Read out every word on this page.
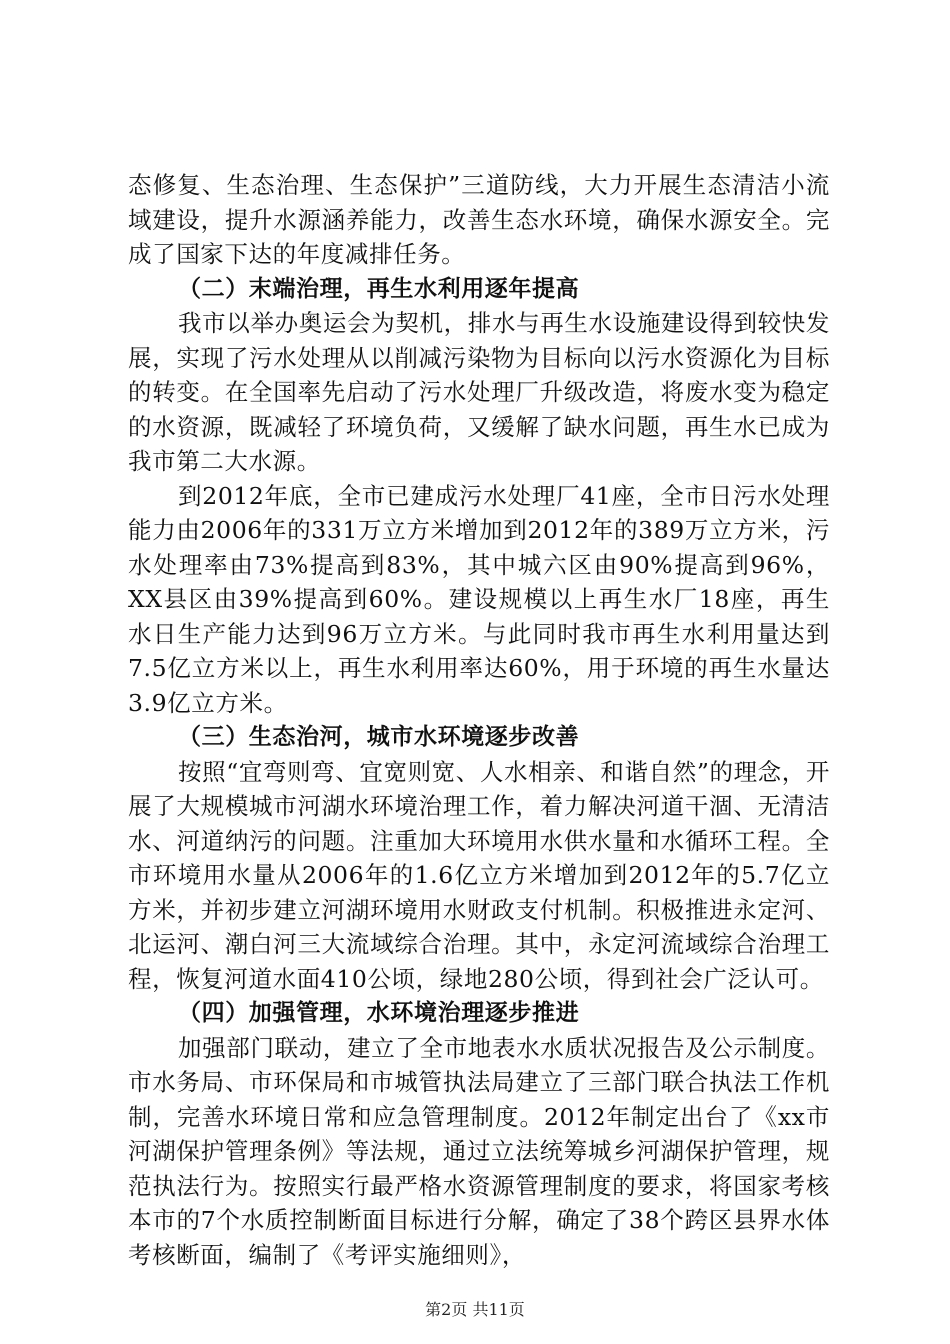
态修复、生态治理、生态保护”三道防线，大力开展生态清洁小流域建设，提升水源涵养能力，改善生态水环境，确保水源安全。完成了国家下达的年度减排任务。

（二）末端治理，再生水利用逐年提高

我市以举办奥运会为契机，排水与再生水设施建设得到较快发展，实现了污水处理从以削减污染物为目标向以污水资源化为目标的转变。在全国率先启动了污水处理厂升级改造，将废水变为稳定的水资源，既减轻了环境负荷，又缓解了缺水问题，再生水已成为我市第二大水源。

到2012年底，全市已建成污水处理厂41座，全市日污水处理能力由2006年的331万立方米增加到2012年的389万立方米，污水处理率由73%提高到83%，其中城六区由90%提高到96%，XX县区由39%提高到60%。建设规模以上再生水厂18座，再生水日生产能力达到96万立方米。与此同时我市再生水利用量达到7.5亿立方米以上，再生水利用率达60%，用于环境的再生水量达3.9亿立方米。

（三）生态治河，城市水环境逐步改善

按照“宜弯则弯、宜宽则宽、人水相亲、和谐自然”的理念，开展了大规模城市河湖水环境治理工作，着力解决河道干涸、无清洁水、河道纳污的问题。注重加大环境用水供水量和水循环工程。全市环境用水量从2006年的1.6亿立方米增加到2012年的5.7亿立方米，并初步建立河湖环境用水财政支付机制。积极推进永定河、北运河、潮白河三大流域综合治理。其中，永定河流域综合治理工程，恢复河道水面410公顷，绿地280公顷，得到社会广泛认可。

（四）加强管理，水环境治理逐步推进

加强部门联动，建立了全市地表水水质状况报告及公示制度。市水务局、市环保局和市城管执法局建立了三部门联合执法工作机制，完善水环境日常和应急管理制度。2012年制定出台了《xx市河湖保护管理条例》等法规，通过立法统筹城乡河湖保护管理，规范执法行为。按照实行最严格水资源管理制度的要求，将国家考核本市的7个水质控制断面目标进行分解，确定了38个跨区县界水体考核断面，编制了《考评实施细则》，

第2页 共11页
